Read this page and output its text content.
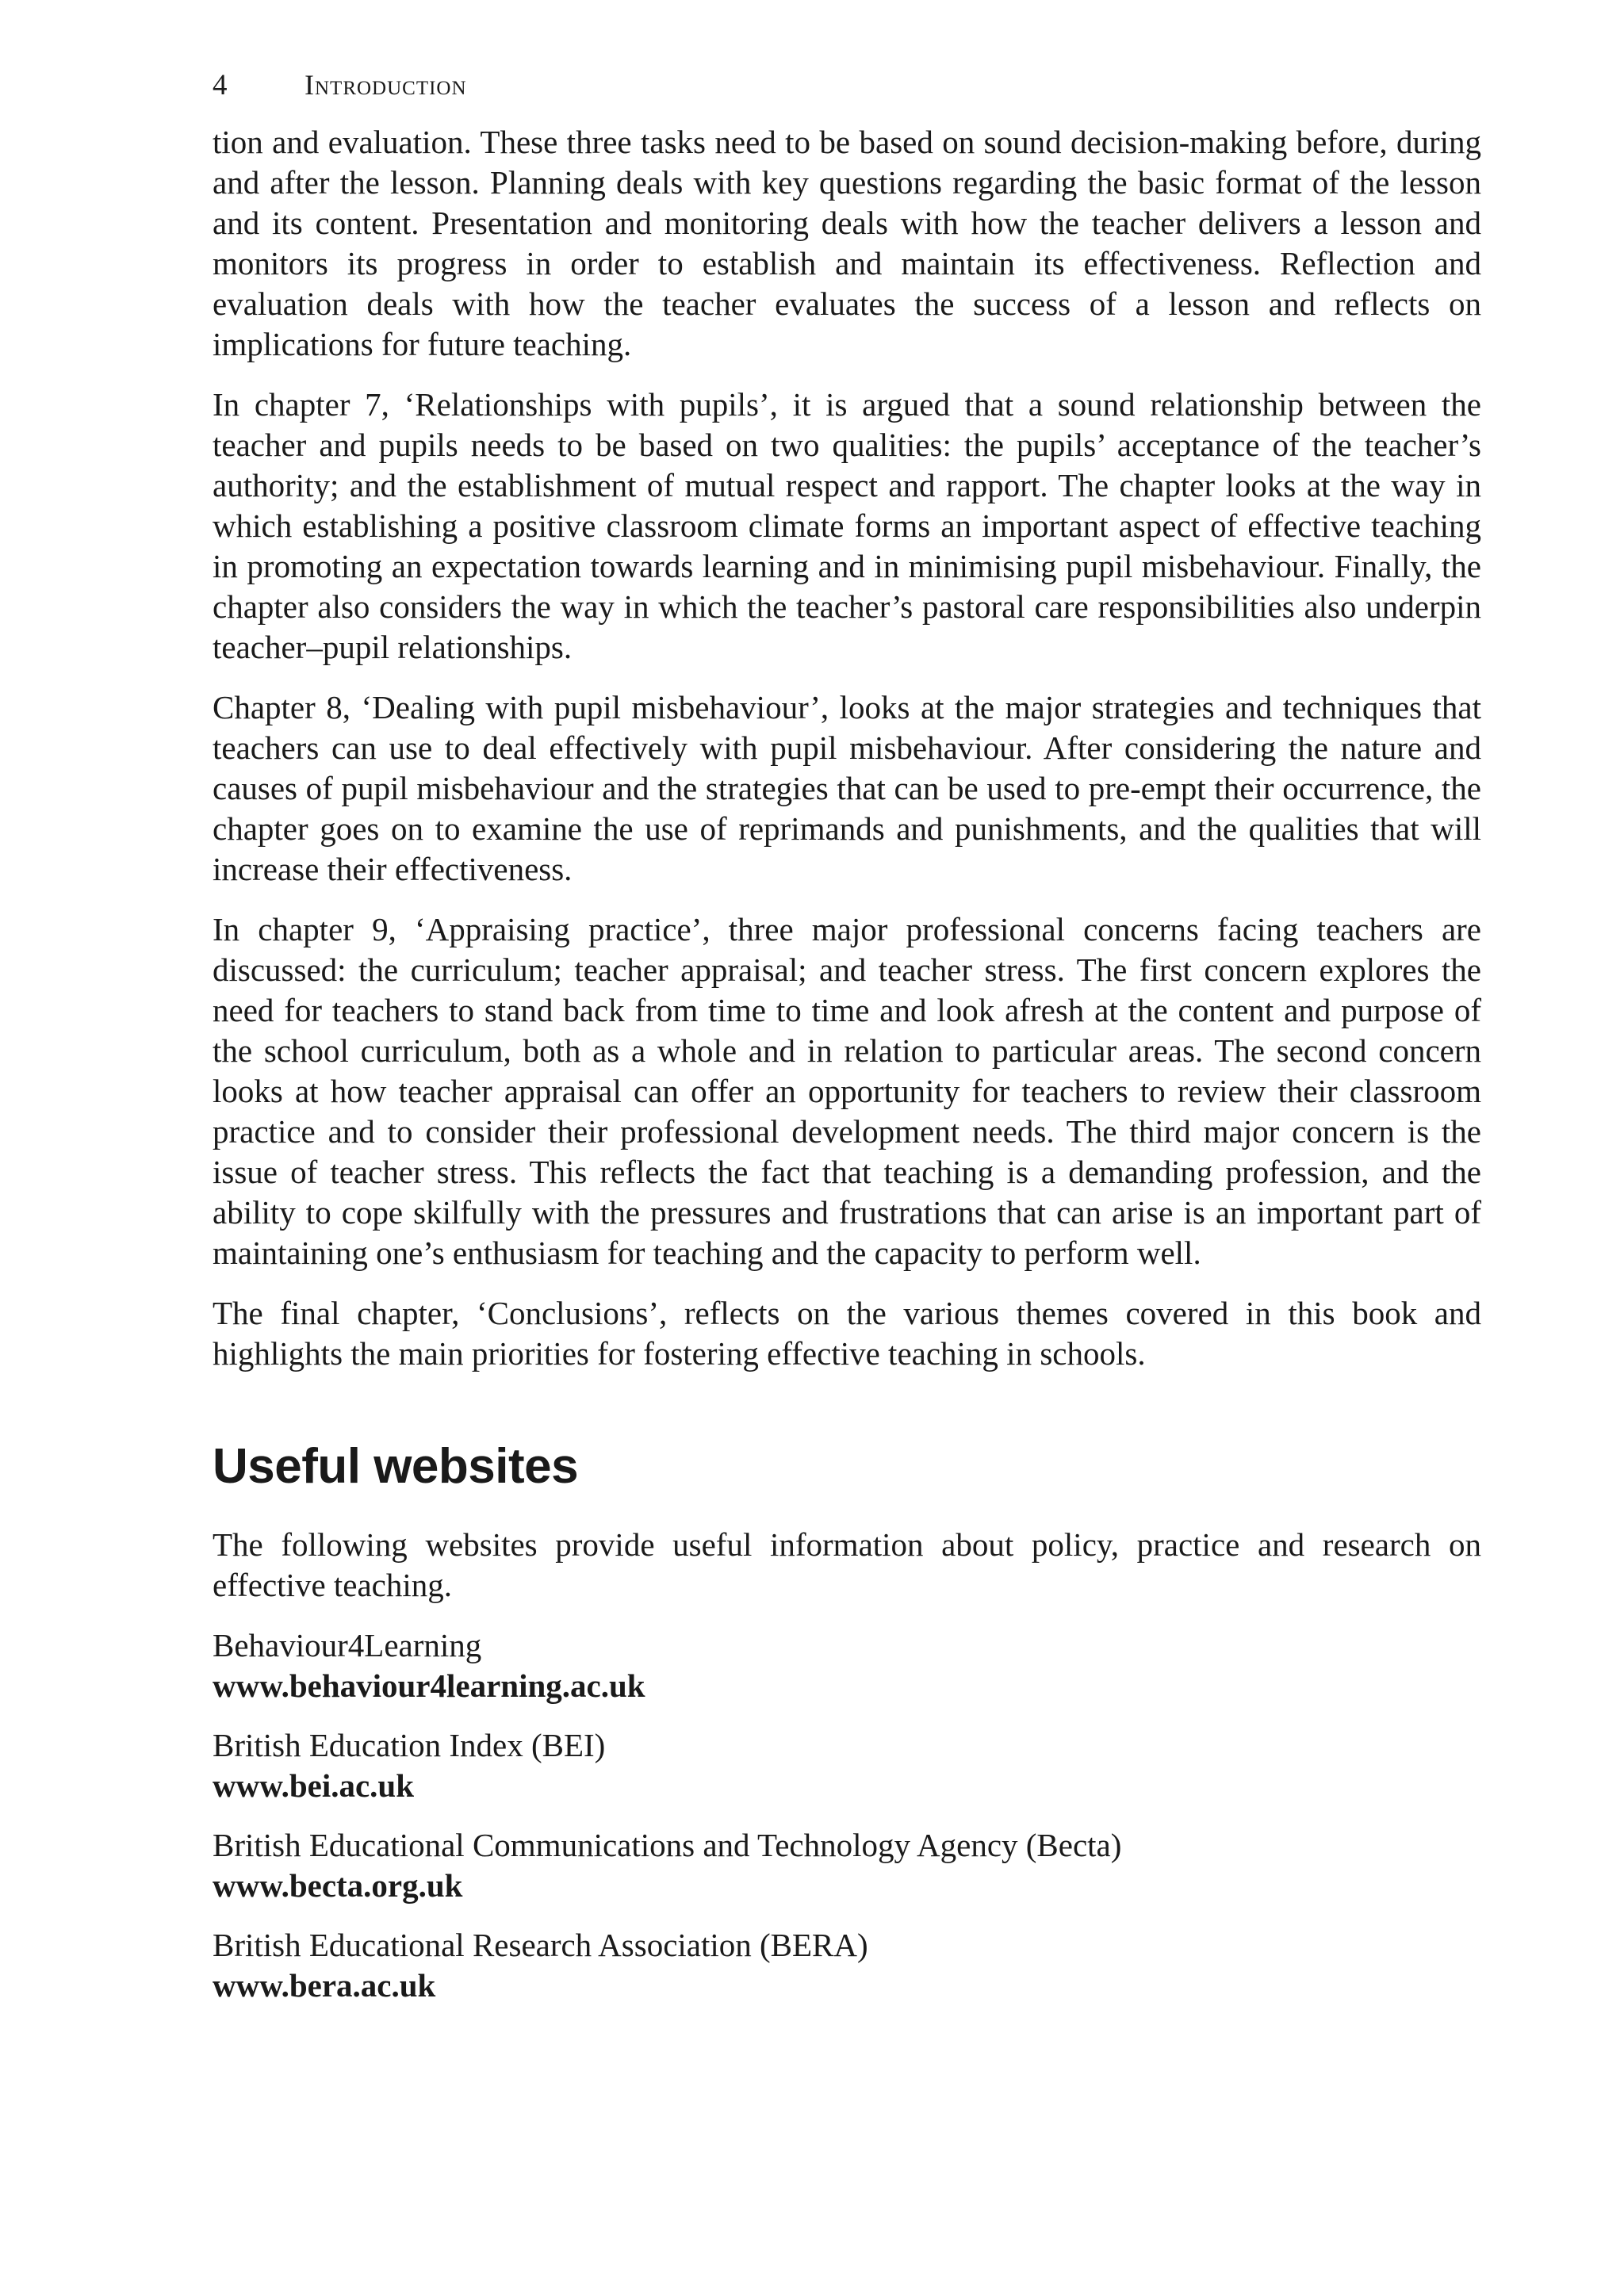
4	Introduction

tion and evaluation. These three tasks need to be based on sound decision-making before, during and after the lesson. Planning deals with key questions regarding the basic format of the lesson and its content. Presentation and monitoring deals with how the teacher delivers a lesson and monitors its progress in order to establish and maintain its effectiveness. Reflection and evaluation deals with how the teacher evaluates the success of a lesson and reflects on implications for future teaching.

In chapter 7, ‘Relationships with pupils’, it is argued that a sound relationship between the teacher and pupils needs to be based on two qualities: the pupils’ acceptance of the teacher’s authority; and the establishment of mutual respect and rapport. The chapter looks at the way in which establishing a positive classroom climate forms an important aspect of effective teaching in promoting an expectation towards learning and in minimising pupil misbehaviour. Finally, the chapter also considers the way in which the teacher’s pastoral care responsibilities also underpin teacher–pupil relationships.

Chapter 8, ‘Dealing with pupil misbehaviour’, looks at the major strategies and techniques that teachers can use to deal effectively with pupil misbehaviour. After considering the nature and causes of pupil misbehaviour and the strategies that can be used to pre-empt their occurrence, the chapter goes on to examine the use of reprimands and punishments, and the qualities that will increase their effectiveness.

In chapter 9, ‘Appraising practice’, three major professional concerns facing teachers are discussed: the curriculum; teacher appraisal; and teacher stress. The first concern explores the need for teachers to stand back from time to time and look afresh at the content and purpose of the school curriculum, both as a whole and in relation to particular areas. The second concern looks at how teacher appraisal can offer an opportunity for teachers to review their classroom practice and to consider their professional development needs. The third major concern is the issue of teacher stress. This reflects the fact that teaching is a demanding profession, and the ability to cope skilfully with the pressures and frustrations that can arise is an important part of maintaining one’s enthusiasm for teaching and the capacity to perform well.

The final chapter, ‘Conclusions’, reflects on the various themes covered in this book and highlights the main priorities for fostering effective teaching in schools.

Useful websites

The following websites provide useful information about policy, practice and research on effective teaching.

Behaviour4Learning
www.behaviour4learning.ac.uk
British Education Index (BEI)
www.bei.ac.uk
British Educational Communications and Technology Agency (Becta)
www.becta.org.uk
British Educational Research Association (BERA)
www.bera.ac.uk
